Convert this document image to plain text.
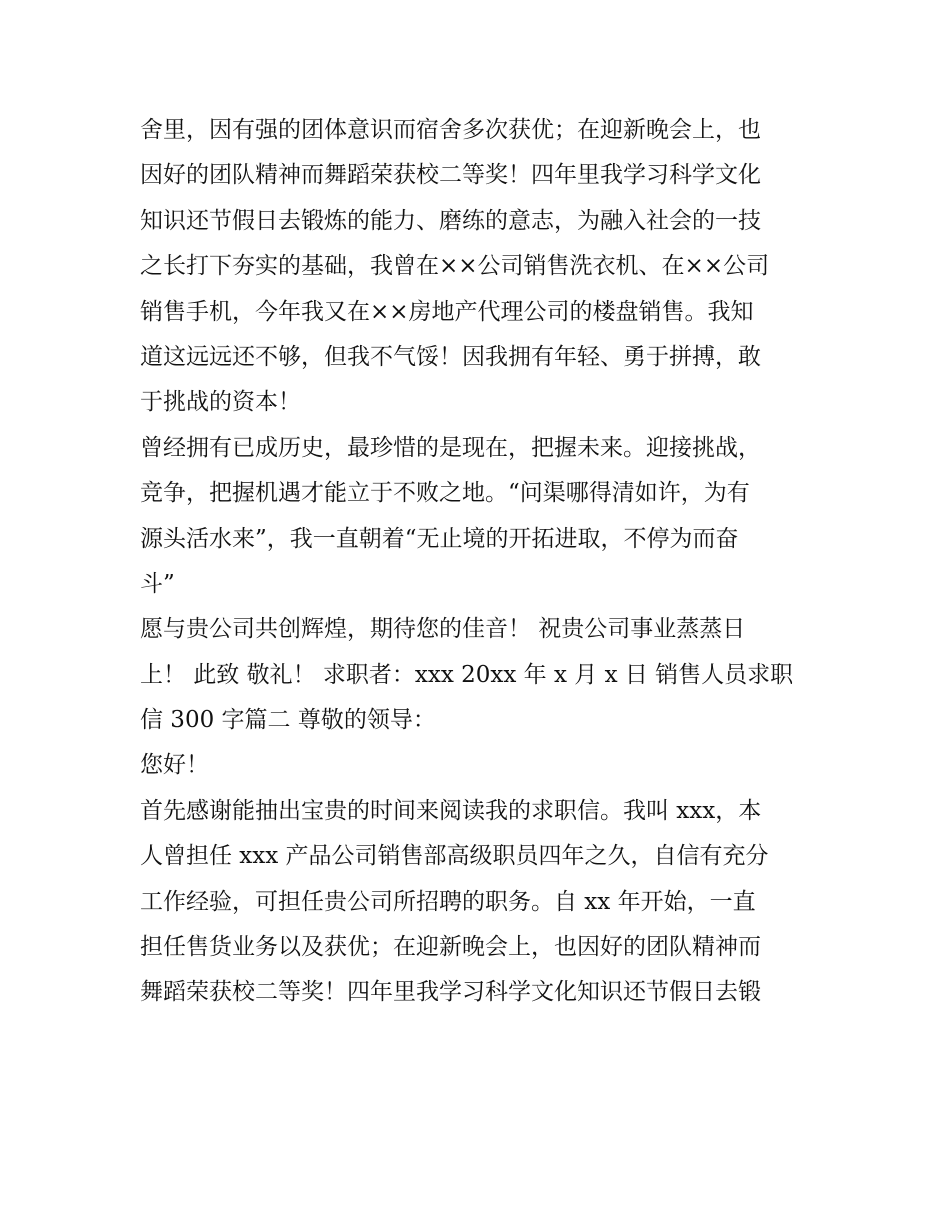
舍里，因有强的团体意识而宿舍多次获优；在迎新晚会上，也
因好的团队精神而舞蹈荣获校二等奖！四年里我学习科学文化
知识还节假日去锻炼的能力、磨练的意志，为融入社会的一技
之长打下夯实的基础，我曾在××公司销售洗衣机、在××公司
销售手机，今年我又在××房地产代理公司的楼盘销售。我知
道这远远还不够，但我不气馁！因我拥有年轻、勇于拼搏，敢
于挑战的资本！
曾经拥有已成历史，最珍惜的是现在，把握未来。迎接挑战，
竞争，把握机遇才能立于不败之地。“问渠哪得清如许，为有
源头活水来”，我一直朝着“无止境的开拓进取，不停为而奋
斗”
愿与贵公司共创辉煌，期待您的佳音！ 祝贵公司事业蒸蒸日
上！ 此致 敬礼！ 求职者：xxx 20xx 年 x 月 x 日 销售人员求职
信 300 字篇二 尊敬的领导：
您好！
首先感谢能抽出宝贵的时间来阅读我的求职信。我叫 xxx，本
人曾担任 xxx 产品公司销售部高级职员四年之久，自信有充分
工作经验，可担任贵公司所招聘的职务。自 xx 年开始，一直
担任售货业务以及获优；在迎新晚会上，也因好的团队精神而
舞蹈荣获校二等奖！四年里我学习科学文化知识还节假日去锻
